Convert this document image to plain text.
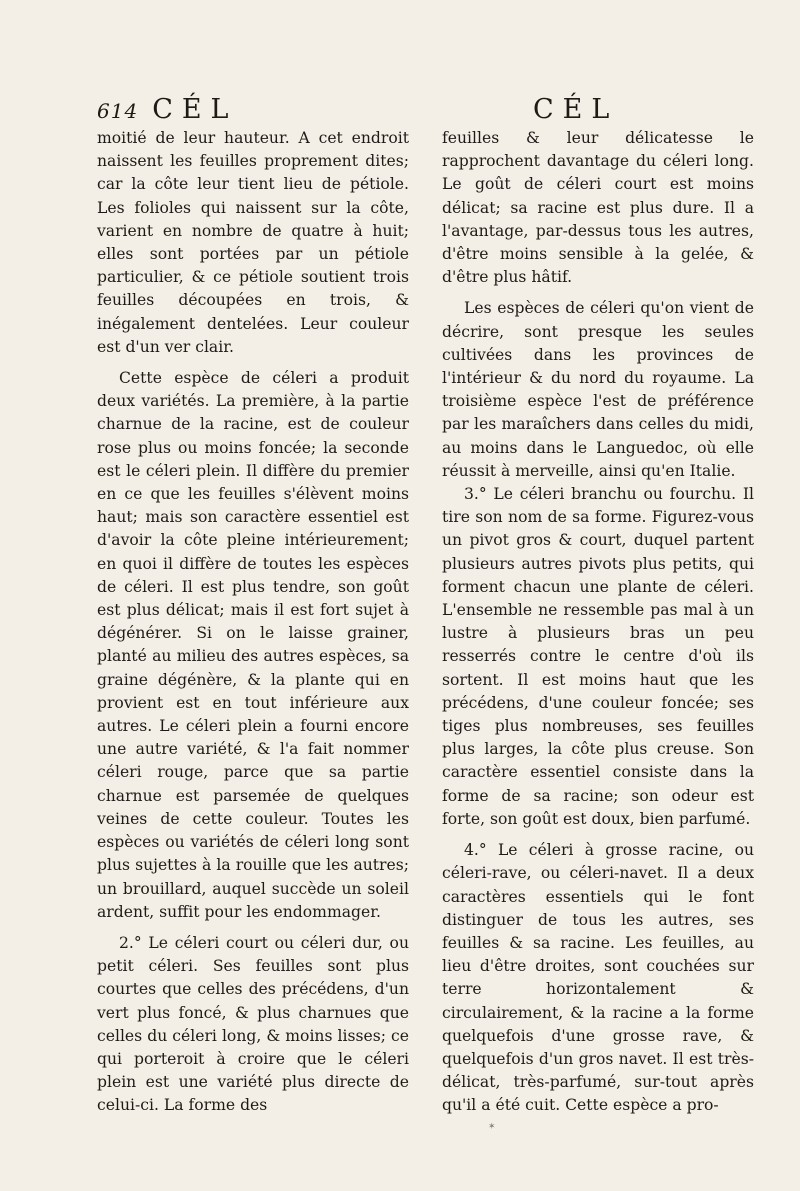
614 CÉL	CÉL

moitié de leur hauteur. A cet endroit naissent les feuilles proprement dites; car la côte leur tient lieu de pétiole. Les folioles qui naissent sur la côte, varient en nombre de quatre à huit; elles sont portées par un pétiole particulier, & ce pétiole soutient trois feuilles découpées en trois, & inégalement dentelées. Leur couleur est d'un ver clair.

Cette espèce de céleri a produit deux variétés. La première, à la partie charnue de la racine, est de couleur rose plus ou moins foncée; la seconde est le céleri plein. Il diffère du premier en ce que les feuilles s'élèvent moins haut; mais son caractère essentiel est d'avoir la côte pleine intérieurement; en quoi il diffère de toutes les espèces de céleri. Il est plus tendre, son goût est plus délicat; mais il est fort sujet à dégénérer. Si on le laisse grainer, planté au milieu des autres espèces, sa graine dégénère, & la plante qui en provient est en tout inférieure aux autres. Le céleri plein a fourni encore une autre variété, & l'a fait nommer céleri rouge, parce que sa partie charnue est parsemée de quelques veines de cette couleur. Toutes les espèces ou variétés de céleri long sont plus sujettes à la rouille que les autres; un brouillard, auquel succède un soleil ardent, suffit pour les endommager.

2.° Le céleri court ou céleri dur, ou petit céleri. Ses feuilles sont plus courtes que celles des précédens, d'un vert plus foncé, & plus charnues que celles du céleri long, & moins lisses; ce qui porteroit à croire que le céleri plein est une variété plus directe de celui-ci. La forme des

feuilles & leur délicatesse le rapprochent davantage du céleri long. Le goût de céleri court est moins délicat; sa racine est plus dure. Il a l'avantage, par-dessus tous les autres, d'être moins sensible à la gelée, & d'être plus hâtif.

Les espèces de céleri qu'on vient de décrire, sont presque les seules cultivées dans les provinces de l'intérieur & du nord du royaume. La troisième espèce l'est de préférence par les maraîchers dans celles du midi, au moins dans le Languedoc, où elle réussit à merveille, ainsi qu'en Italie.

3.° Le céleri branchu ou fourchu. Il tire son nom de sa forme. Figurez-vous un pivot gros & court, duquel partent plusieurs autres pivots plus petits, qui forment chacun une plante de céleri. L'ensemble ne ressemble pas mal à un lustre à plusieurs bras un peu resserrés contre le centre d'où ils sortent. Il est moins haut que les précédens, d'une couleur foncée; ses tiges plus nombreuses, ses feuilles plus larges, la côte plus creuse. Son caractère essentiel consiste dans la forme de sa racine; son odeur est forte, son goût est doux, bien parfumé.

4.° Le céleri à grosse racine, ou céleri-rave, ou céleri-navet. Il a deux caractères essentiels qui le font distinguer de tous les autres, ses feuilles & sa racine. Les feuilles, au lieu d'être droites, sont couchées sur terre horizontalement & circulairement, & la racine a la forme quelquefois d'une grosse rave, & quelquefois d'un gros navet. Il est très-délicat, très-parfumé, sur-tout après qu'il a été cuit. Cette espèce a pro-

✶
